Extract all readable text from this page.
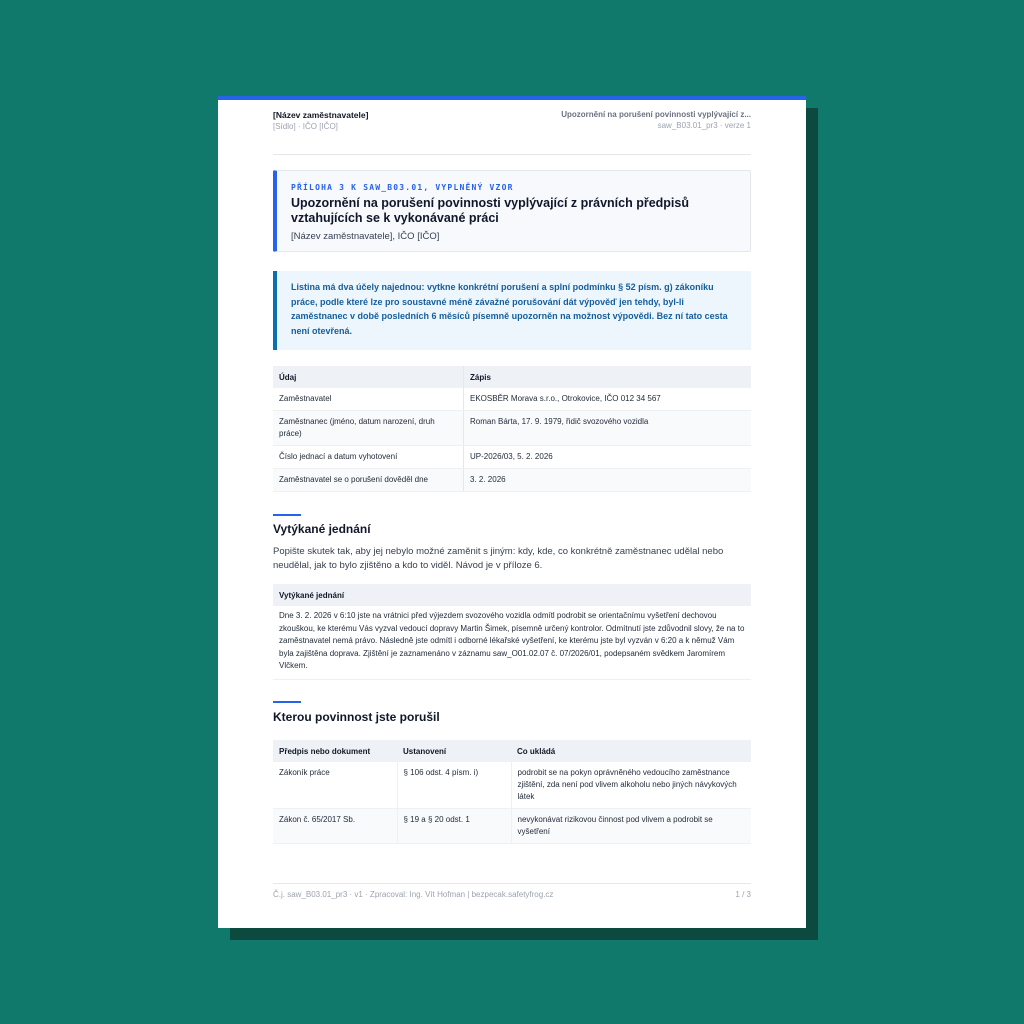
[Název zaměstnavatele]
[Sídlo] · IČO [IČO]
Upozornění na porušení povinnosti vyplývající z...
saw_B03.01_pr3 · verze 1
PŘÍLOHA 3 K SAW_B03.01, VYPLNĚNÝ VZOR
Upozornění na porušení povinnosti vyplývající z právních předpisů vztahujících se k vykonávané práci
[Název zaměstnavatele], IČO [IČO]
Listina má dva účely najednou: vytkne konkrétní porušení a splní podmínku § 52 písm. g) zákoníku práce, podle které lze pro soustavné méně závažné porušování dát výpověď jen tehdy, byl-li zaměstnanec v době posledních 6 měsíců písemně upozorněn na možnost výpovědi. Bez ní tato cesta není otevřená.
Údaj	Zápis
Zaměstnavatel	EKOSBĚR Morava s.r.o., Otrokovice, IČO 012 34 567
Zaměstnanec (jméno, datum narození, druh práce)	Roman Bárta, 17. 9. 1979, řidič svozového vozidla
Číslo jednací a datum vyhotovení	UP-2026/03, 5. 2. 2026
Zaměstnavatel se o porušení dověděl dne	3. 2. 2026
Vytýkané jednání
Popište skutek tak, aby jej nebylo možné zaměnit s jiným: kdy, kde, co konkrétně zaměstnanec udělal nebo neudělal, jak to bylo zjištěno a kdo to viděl. Návod je v příloze 6.
Vytýkané jednání
Dne 3. 2. 2026 v 6:10 jste na vrátnici před výjezdem svozového vozidla odmítl podrobit se orientačnímu vyšetření dechovou zkouškou, ke kterému Vás vyzval vedoucí dopravy Martin Šimek, písemně určený kontrolor. Odmítnutí jste zdůvodnil slovy, že na to zaměstnavatel nemá právo. Následně jste odmítl i odborné lékařské vyšetření, ke kterému jste byl vyzván v 6:20 a k němuž Vám byla zajištěna doprava. Zjištění je zaznamenáno v záznamu saw_O01.02.07 č. 07/2026/01, podepsaném svědkem Jaromírem Vlčkem.
Kterou povinnost jste porušil
Předpis nebo dokument	Ustanovení	Co ukládá
Zákoník práce	§ 106 odst. 4 písm. i)	podrobit se na pokyn oprávněného vedoucího zaměstnance zjištění, zda není pod vlivem alkoholu nebo jiných návykových látek
Zákon č. 65/2017 Sb.	§ 19 a § 20 odst. 1	nevykonávat rizikovou činnost pod vlivem a podrobit se vyšetření
Č.j. saw_B03.01_pr3 · v1 · Zpracoval: Ing. Vít Hofman | bezpecak.safetyfrog.cz	1 / 3
